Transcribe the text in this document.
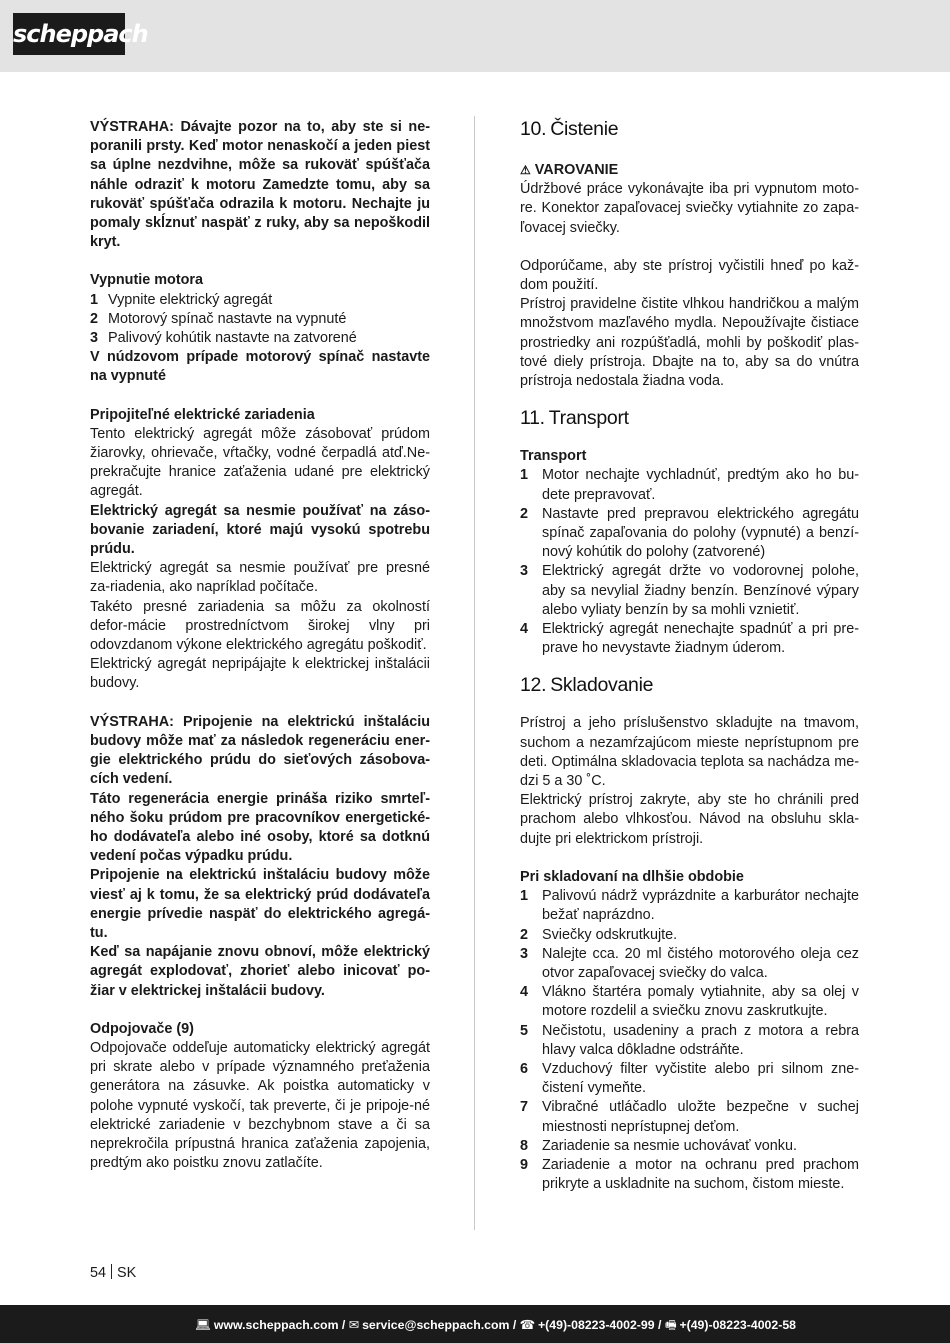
scheppach

VÝSTRAHA: Dávajte pozor na to, aby ste si ne-poranili prsty. Keď motor nenaskočí a jeden piest sa úplne nezdvihne, môže sa rukoväť spúšťača náhle odraziť k motoru Zamedzte tomu, aby sa rukoväť spúšťača odrazila k motoru. Nechajte ju pomaly skĺznuť naspäť z ruky, aby sa nepoškodil kryt.

Vypnutie motora

1 Vypnite elektrický agregát
2 Motorový spínač nastavte na vypnuté
3 Palivový kohútik nastavte na zatvorené

V núdzovom prípade motorový spínač nastavte na vypnuté

Pripojiteľné elektrické zariadenia

Tento elektrický agregát môže zásobovať prúdom žiarovky, ohrievače, vŕtačky, vodné čerpadlá atď.Ne-prekračujte hranice zaťaženia udané pre elektrický agregát.

Elektrický agregát sa nesmie používať na záso-bovanie zariadení, ktoré majú vysokú spotrebu prúdu.

Elektrický agregát sa nesmie používať pre presné za-riadenia, ako napríklad počítače.

Takéto presné zariadenia sa môžu za okolností defor-mácie prostredníctvom širokej vlny pri odovzdanom výkone elektrického agregátu poškodiť.

Elektrický agregát nepripájajte k elektrickej inštalácii budovy.

VÝSTRAHA: Pripojenie na elektrickú inštaláciu budovy môže mať za následok regeneráciu ener-gie elektrického prúdu do sieťových zásobova-cích vedení.

Táto regenerácia energie prináša riziko smrteľ-ného šoku prúdom pre pracovníkov energetické-ho dodávateľa alebo iné osoby, ktoré sa dotknú vedení počas výpadku prúdu.

Pripojenie na elektrickú inštaláciu budovy môže viesť aj k tomu, že sa elektrický prúd dodávateľa energie prívedie naspäť do elektrického agregá-tu.

Keď sa napájanie znovu obnoví, môže elektrický agregát explodovať, zhoriеť alebo inicovať po-žiar v elektrickej inštalácii budovy.

Odpojovače (9)

Odpojovače oddeľuje automaticky elektrický agregát pri skrate alebo v prípade významného preťaženia generátora na zásuvke. Ak poistka automaticky v polohe vypnuté vyskočí, tak preverte, či je pripoje-né elektrické zariadenie v bezchybnom stave a či sa neprekročila prípustná hranica zaťaženia zapojenia, predtým ako poistku znovu zatlačíte.

10. Čistenie

⚠ VAROVANIE

Údržbové práce vykonávajte iba pri vypnutom moto-re. Konektor zapaľovacej sviečky vytiahnite zo zapa-ľovacej sviečky.

Odporúčame, aby ste prístroj vyčistili hneď po kaž-dom použití.

Prístroj pravidelne čistite vlhkou handričkou a malým množstvom mazľavého mydla. Nepoužívajte čistiace prostriedky ani rozpúšťadlá, mohli by poškodiť plas-tové diely prístroja. Dbajte na to, aby sa do vnútra prístroja nedostala žiadna voda.

11. Transport

Transport

1 Motor nechajte vychladnúť, predtým ako ho bu-dete prepravovať.
2 Nastavte pred prepravou elektrického agregátu spínač zapaľovania do polohy (vypnuté) a benzí-nový kohútik do polohy (zatvorené)
3 Elektrický agregát držte vo vodorovnej polohe, aby sa nevylial žiadny benzín. Benzínové výpary alebo vyliaty benzín by sa mohli vznietiť.
4 Elektrický agregát nenechajte spadnúť a pri pre-prave ho nevystavte žiadnym úderom.
12. Skladovanie

Prístroj a jeho príslušenstvo skladujte na tmavom, suchom a nezamŕzajúcom mieste neprístupnom pre deti. Optimálna skladovacia teplota sa nachádza me-dzi 5 a 30 ˚C.

Elektrický prístroj zakryte, aby ste ho chránili pred prachom alebo vlhkosťou. Návod na obsluhu skla-dujte pri elektrickom prístroji.

Pri skladovaní na dlhšie obdobie

1 Palivovú nádrž vyprázdnite a karburátor nechajte bežať naprázdno.
2 Sviečky odskrutkujte.
3 Nalejte cca. 20 ml čistého motorového oleja cez otvor zapaľovacej sviečky do valca.
4 Vlákno štartéra pomaly vytiahnite, aby sa olej v motore rozdelil a sviečku znovu zaskrutkujte.
5 Nečistotu, usadeniny a prach z motora a rebra hlavy valca dôkladne odstráňte.
6 Vzduchový filter vyčistite alebo pri silnom zne-čistení vymeňte.
7 Vibračné utláčadlo uložte bezpečne v suchej miestnosti neprístupnej deťom.
8 Zariadenie sa nesmie uchovávať vonku.
9 Zariadenie a motor na ochranu pred prachom prikryte a uskladnite na suchom, čistom mieste.
54 SK
💻︎ www.scheppach.com / ✉ service@scheppach.com / ☎ +(49)-08223-4002-99 / 🖷︎ +(49)-08223-4002-58
